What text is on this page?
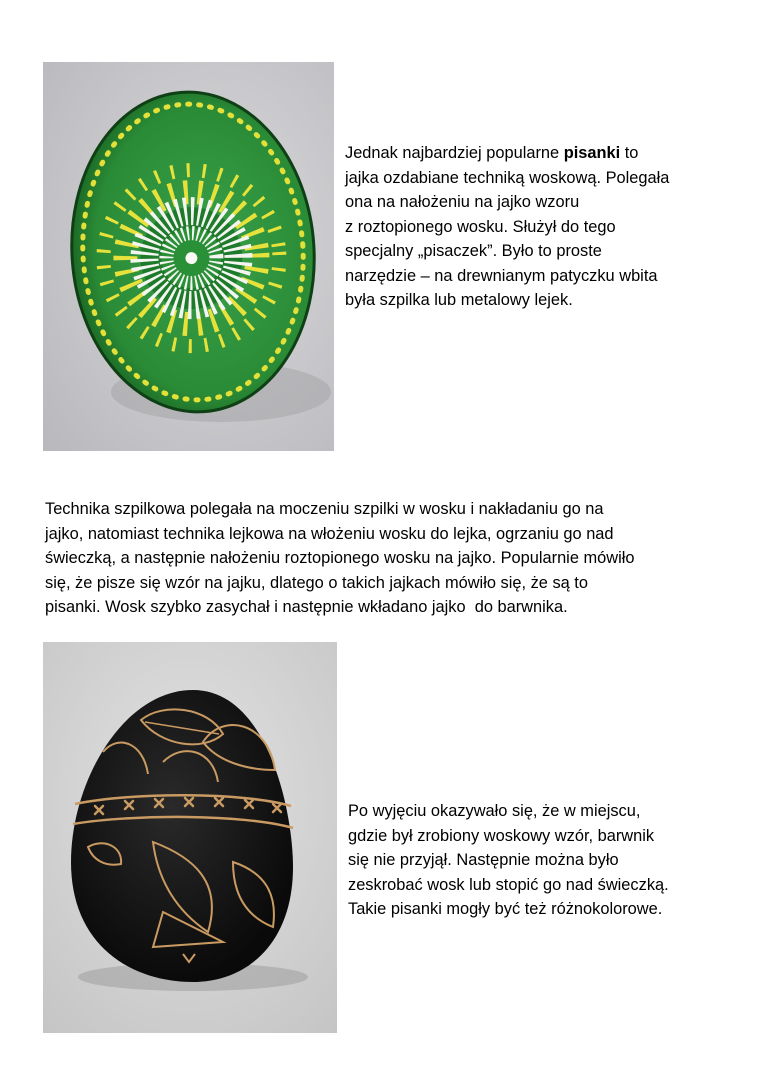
Jednak najbardziej popularne pisanki to
jajka ozdabiane techniką woskową. Polegała
ona na nałożeniu na jajko wzoru
z roztopionego wosku. Służył do tego
specjalny „pisaczek”. Było to proste
narzędzie – na drewnianym patyczku wbita
była szpilka lub metalowy lejek.

Technika szpilkowa polegała na moczeniu szpilki w wosku i nakładaniu go na
jajko, natomiast technika lejkowa na włożeniu wosku do lejka, ogrzaniu go nad
świeczką, a następnie nałożeniu roztopionego wosku na jajko. Popularnie mówiło
się, że pisze się wzór na jajku, dlatego o takich jajkach mówiło się, że są to
pisanki. Wosk szybko zasychał i następnie wkładano jajko  do barwnika.

Po wyjęciu okazywało się, że w miejscu,
gdzie był zrobiony woskowy wzór, barwnik
się nie przyjął. Następnie można było
zeskrobać wosk lub stopić go nad świeczką.
Takie pisanki mogły być też różnokolorowe.
